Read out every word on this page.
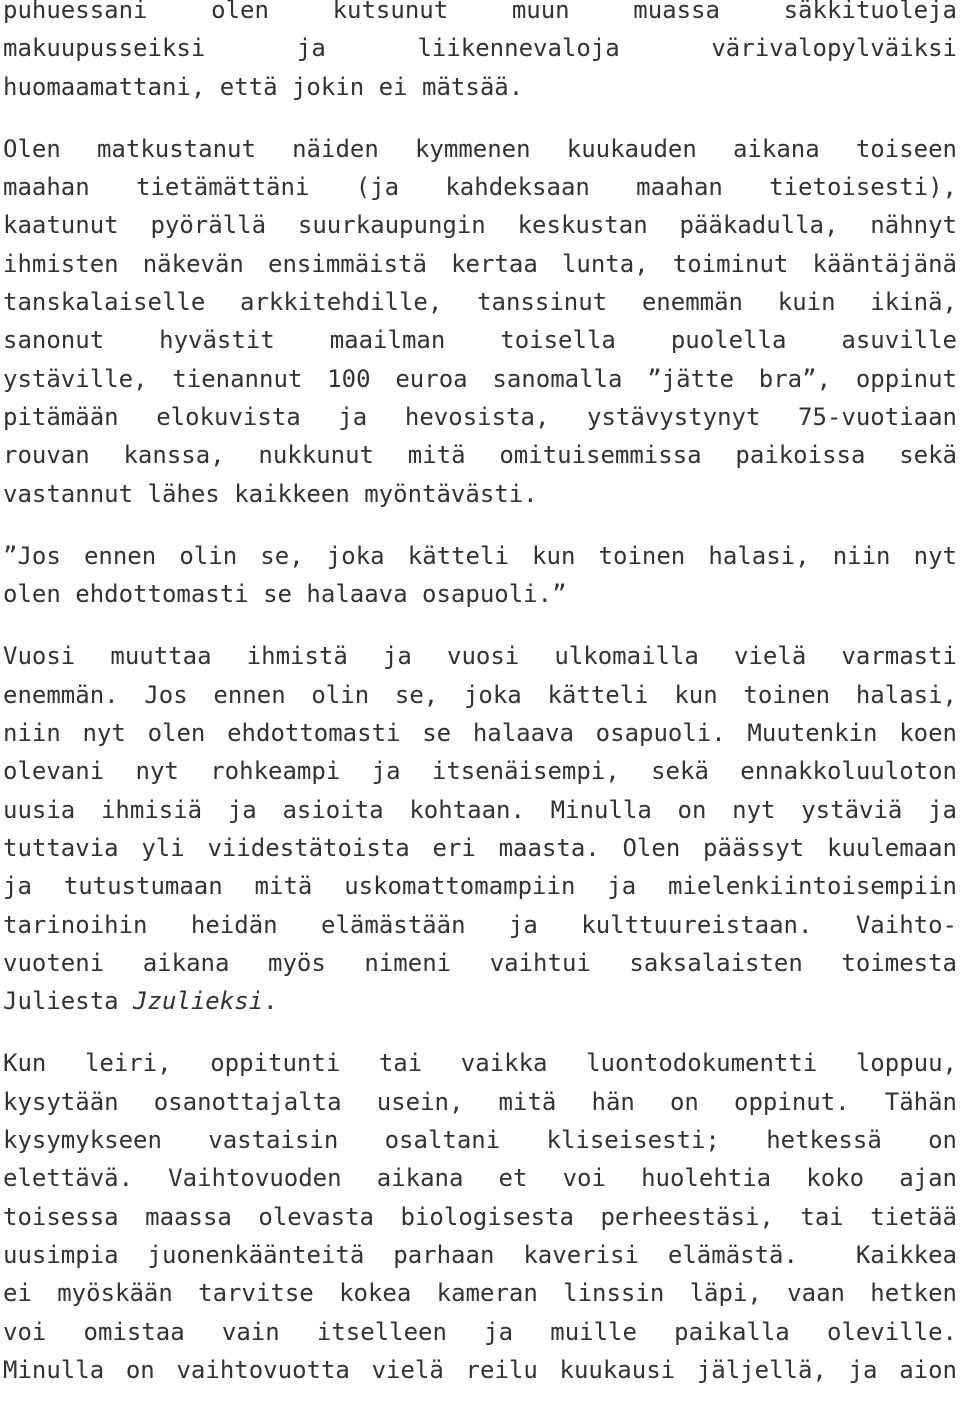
puhuessani olen kutsunut muun muassa säkkituoleja
makuupusseiksi ja liikennevaloja värivalopylväiksi
huomaamattani, että jokin ei mätsää.
Olen matkustanut näiden kymmenen kuukauden aikana toiseen
maahan tietämättäni (ja kahdeksaan maahan tietoisesti),
kaatunut pyörällä suurkaupungin keskustan pääkadulla, nähnyt
ihmisten näkevän ensimmäistä kertaa lunta, toiminut kääntäjänä
tanskalaiselle arkkitehdille, tanssinut enemmän kuin ikinä,
sanonut hyvästit maailman toisella puolella asuville
ystäville, tienannut 100 euroa sanomalla ”jätte bra”, oppinut
pitämään elokuvista ja hevosista, ystävystynyt 75-vuotiaan
rouvan kanssa, nukkunut mitä omituisemmissa paikoissa sekä
vastannut lähes kaikkeen myöntävästi.
”Jos ennen olin se, joka kätteli kun toinen halasi, niin nyt
olen ehdottomasti se halaava osapuoli.”
Vuosi muuttaa ihmistä ja vuosi ulkomailla vielä varmasti
enemmän. Jos ennen olin se, joka kätteli kun toinen halasi,
niin nyt olen ehdottomasti se halaava osapuoli. Muutenkin koen
olevani nyt rohkeampi ja itsenäisempi, sekä ennakkoluuloton
uusia ihmisiä ja asioita kohtaan. Minulla on nyt ystäviä ja
tuttavia yli viidestätoista eri maasta. Olen päässyt kuulemaan
ja tutustumaan mitä uskomattomampiin ja mielenkiintoisempiin
tarinoihin heidän elämästään ja kulttuureistaan. Vaihto-
vuoteni aikana myös nimeni vaihtui saksalaisten toimesta
Juliesta Jzulieksi.
Kun leiri, oppitunti tai vaikka luontodokumentti loppuu,
kysytään osanottajalta usein, mitä hän on oppinut. Tähän
kysymykseen vastaisin osaltani kliseisesti; hetkessä on
elettävä. Vaihtovuoden aikana et voi huolehtia koko ajan
toisessa maassa olevasta biologisesta perheestäsi, tai tietää
uusimpia juonenkäänteitä parhaan kaverisi elämästä.  Kaikkea
ei myöskään tarvitse kokea kameran linssin läpi, vaan hetken
voi omistaa vain itselleen ja muille paikalla oleville.
Minulla on vaihtovuotta vielä reilu kuukausi jäljellä, ja aion
